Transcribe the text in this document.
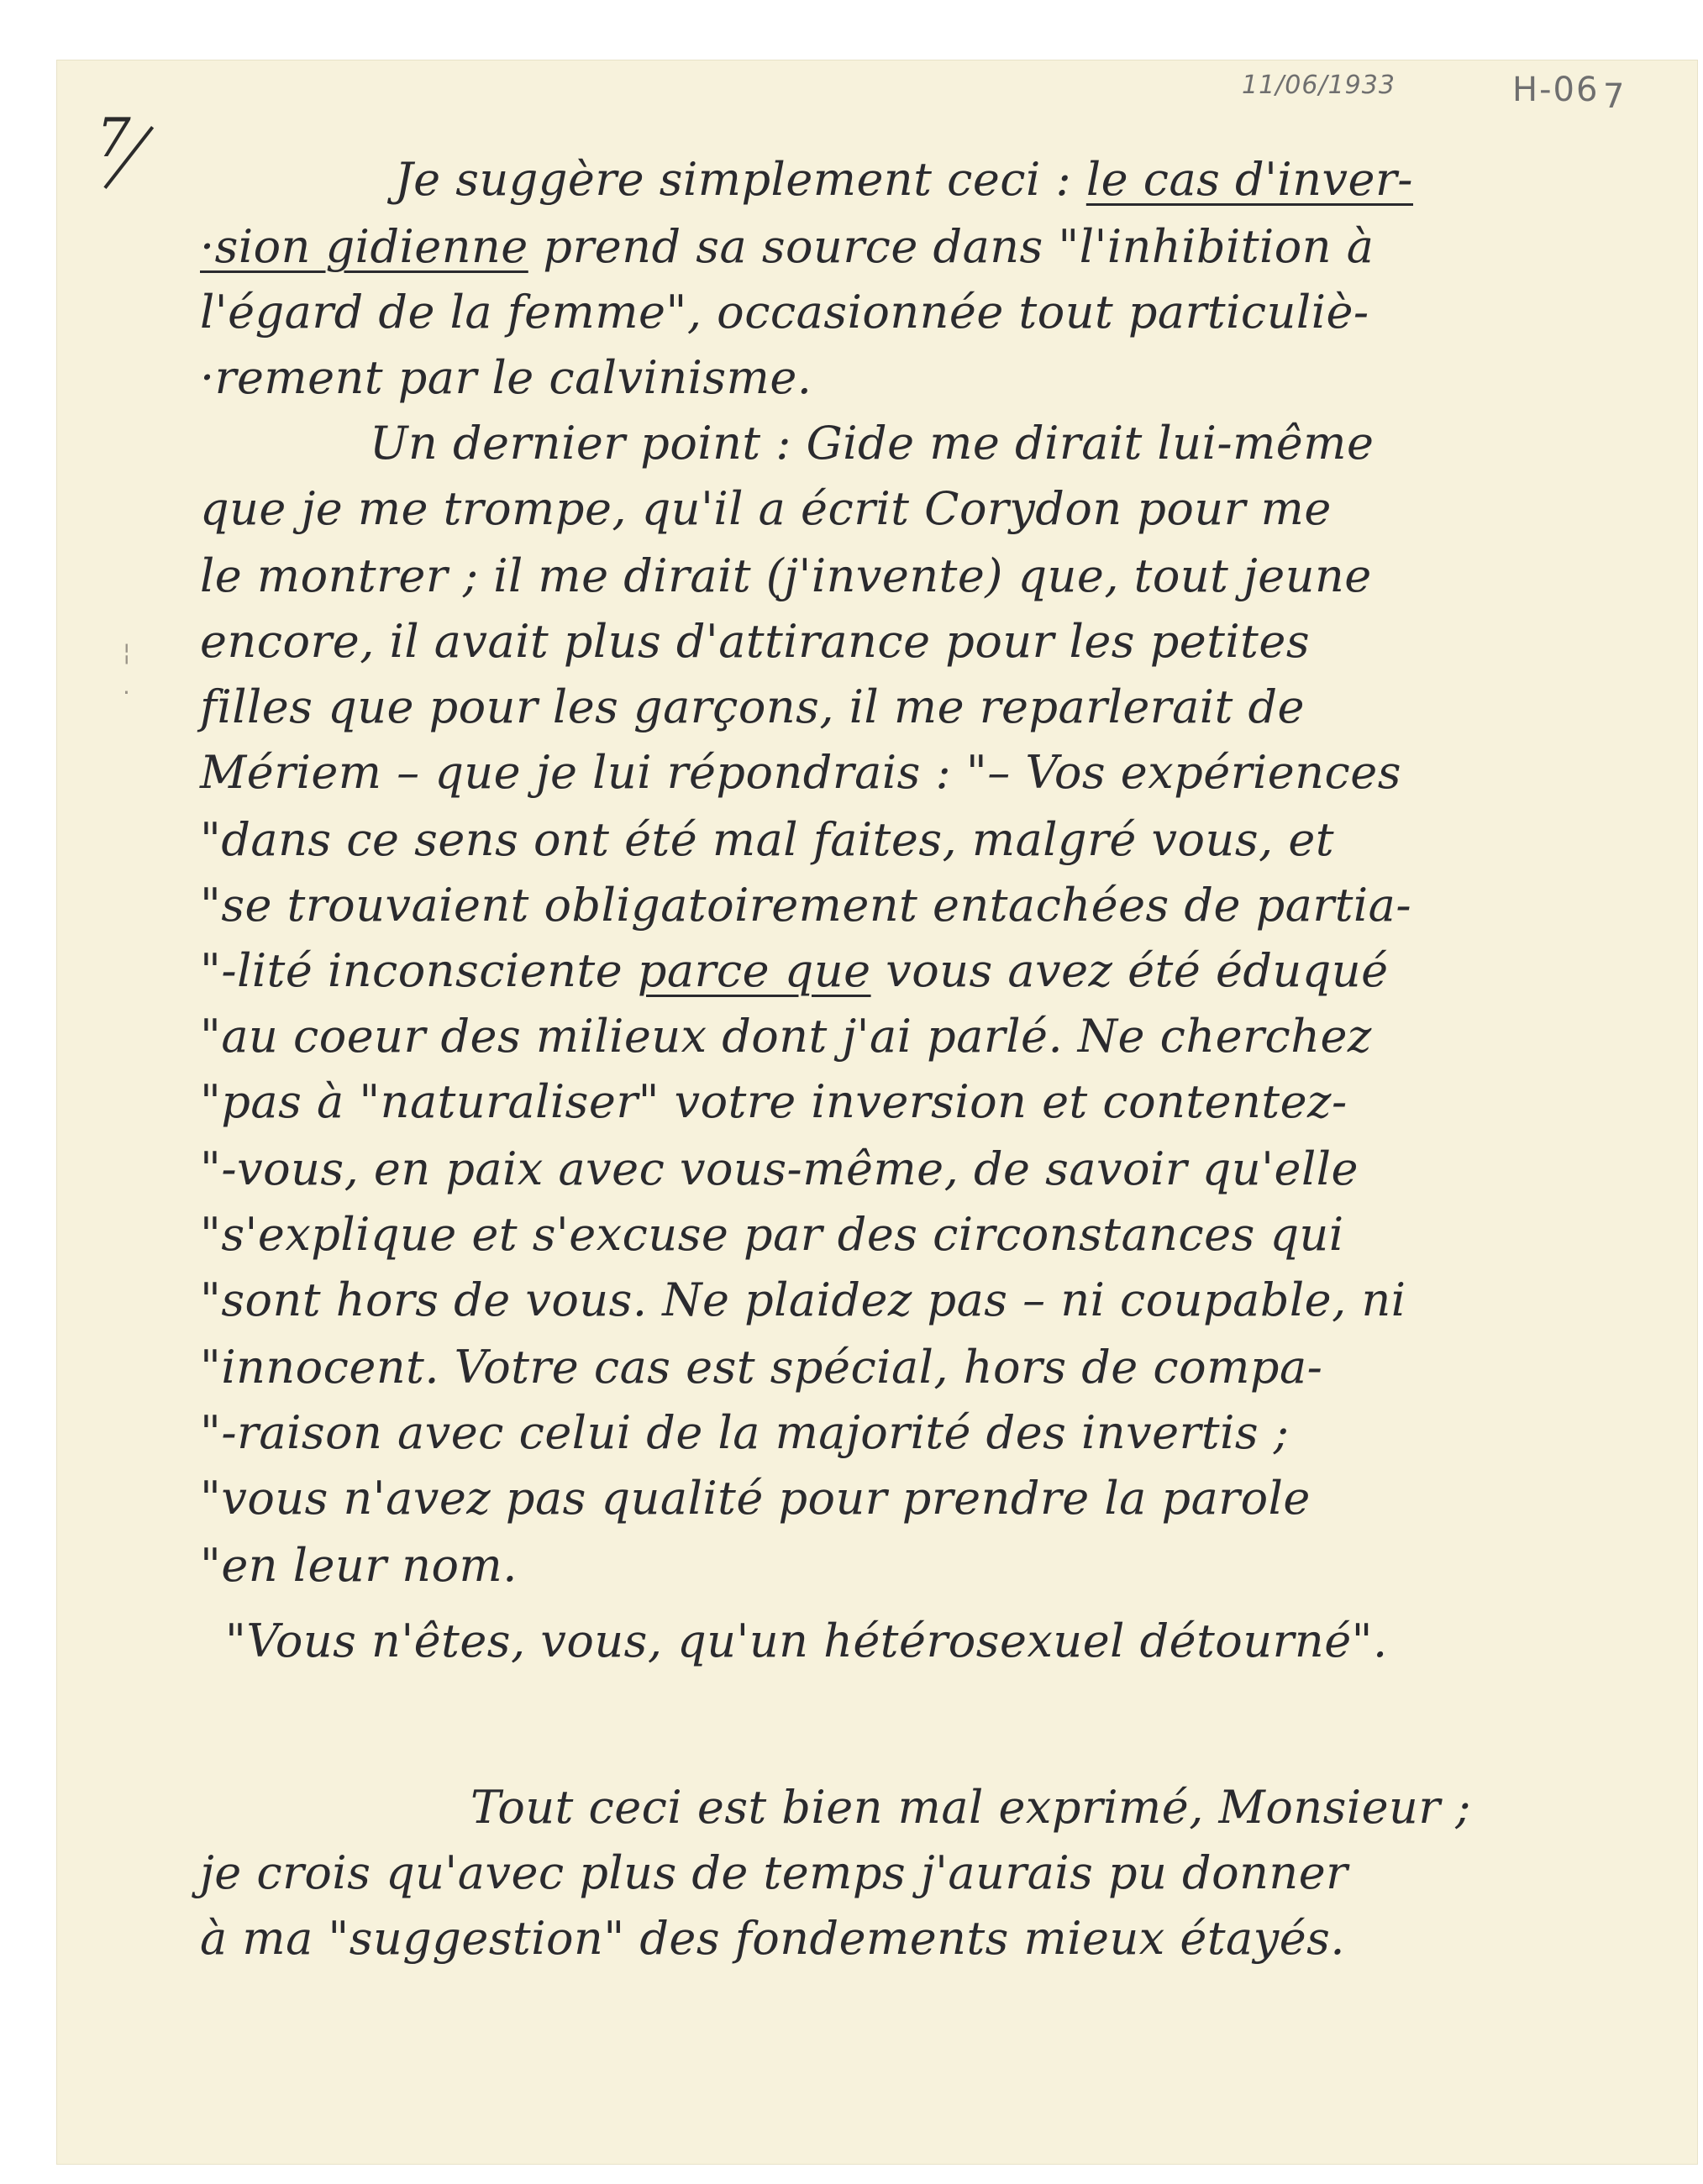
11/06/1933	H-06 7
7
¦
·
Je suggère simplement ceci : le cas d'inver-
·sion gidienne prend sa source dans "l'inhibition à
l'égard de la femme", occasionnée tout particuliè-
·rement par le calvinisme.
Un dernier point : Gide me dirait lui-même
que je me trompe, qu'il a écrit Corydon pour me
le montrer ; il me dirait (j'invente) que, tout jeune
encore, il avait plus d'attirance pour les petites
filles que pour les garçons, il me reparlerait de
Mériem – que je lui répondrais : "– Vos expériences
"dans ce sens ont été mal faites, malgré vous, et
"se trouvaient obligatoirement entachées de partia-
"-lité inconsciente parce que vous avez été éduqué
"au coeur des milieux dont j'ai parlé. Ne cherchez
"pas à "naturaliser" votre inversion et contentez-
"-vous, en paix avec vous-même, de savoir qu'elle
"s'explique et s'excuse par des circonstances qui
"sont hors de vous. Ne plaidez pas – ni coupable, ni
"innocent. Votre cas est spécial, hors de compa-
"-raison avec celui de la majorité des invertis ;
"vous n'avez pas qualité pour prendre la parole
"en leur nom.
"Vous n'êtes, vous, qu'un hétérosexuel détourné".
Tout ceci est bien mal exprimé, Monsieur ;
je crois qu'avec plus de temps j'aurais pu donner
à ma "suggestion" des fondements mieux étayés.
